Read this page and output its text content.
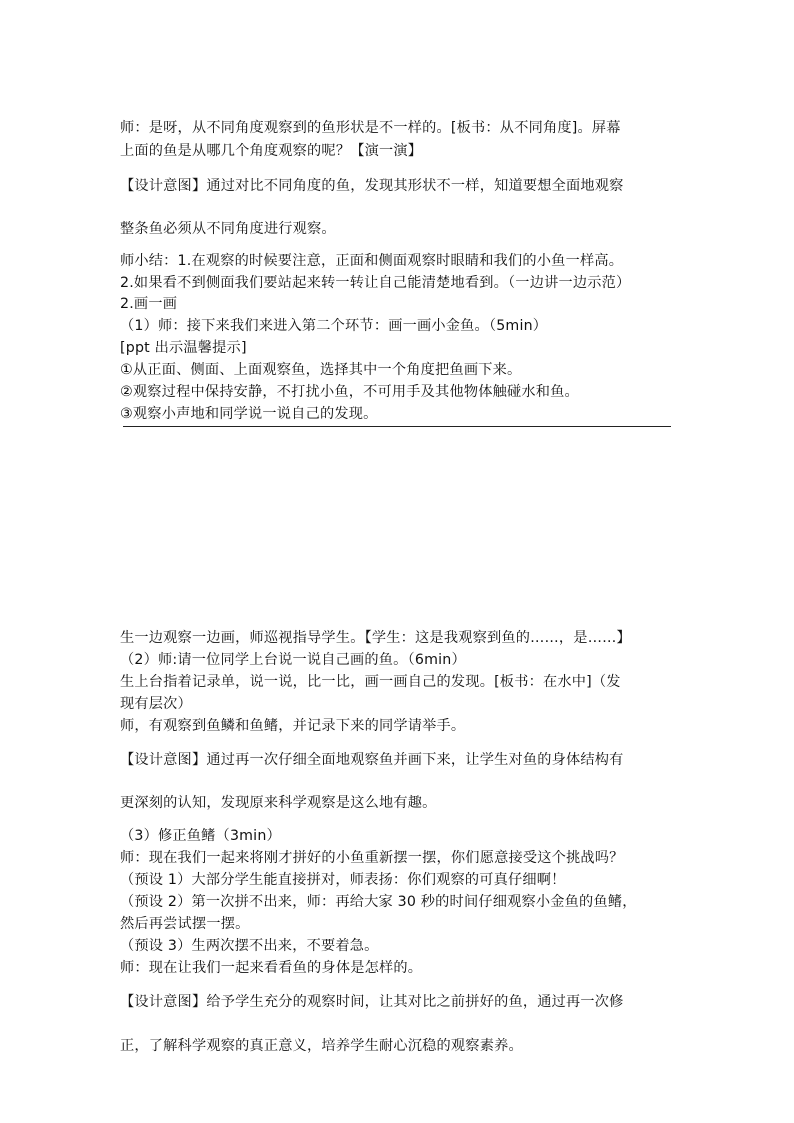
师：是呀，从不同角度观察到的鱼形状是不一样的。[板书：从不同角度]。屏幕
上面的鱼是从哪几个角度观察的呢？【演一演】
【设计意图】通过对比不同角度的鱼，发现其形状不一样，知道要想全面地观察
整条鱼必须从不同角度进行观察。
师小结：1.在观察的时候要注意，正面和侧面观察时眼睛和我们的小鱼一样高。
2.如果看不到侧面我们要站起来转一转让自己能清楚地看到。（一边讲一边示范）
2.画一画
（1）师：接下来我们来进入第二个环节：画一画小金鱼。（5min）
[ppt 出示温馨提示]
①从正面、侧面、上面观察鱼，选择其中一个角度把鱼画下来。
②观察过程中保持安静，不打扰小鱼，不可用手及其他物体触碰水和鱼。
③观察小声地和同学说一说自己的发现。
生一边观察一边画，师巡视指导学生。【学生：这是我观察到鱼的……，是……】
（2）师:请一位同学上台说一说自己画的鱼。（6min）
生上台指着记录单，说一说，比一比，画一画自己的发现。[板书：在水中]（发
现有层次）
师，有观察到鱼鳞和鱼鳍，并记录下来的同学请举手。
【设计意图】通过再一次仔细全面地观察鱼并画下来，让学生对鱼的身体结构有
更深刻的认知，发现原来科学观察是这么地有趣。
（3）修正鱼鳍（3min）
师：现在我们一起来将刚才拼好的小鱼重新摆一摆，你们愿意接受这个挑战吗？
（预设 1）大部分学生能直接拼对，师表扬：你们观察的可真仔细啊！
（预设 2）第一次拼不出来，师：再给大家 30 秒的时间仔细观察小金鱼的鱼鳍，
然后再尝试摆一摆。
（预设 3）生两次摆不出来，不要着急。
师：现在让我们一起来看看鱼的身体是怎样的。
【设计意图】给予学生充分的观察时间，让其对比之前拼好的鱼，通过再一次修
正，了解科学观察的真正意义，培养学生耐心沉稳的观察素养。
